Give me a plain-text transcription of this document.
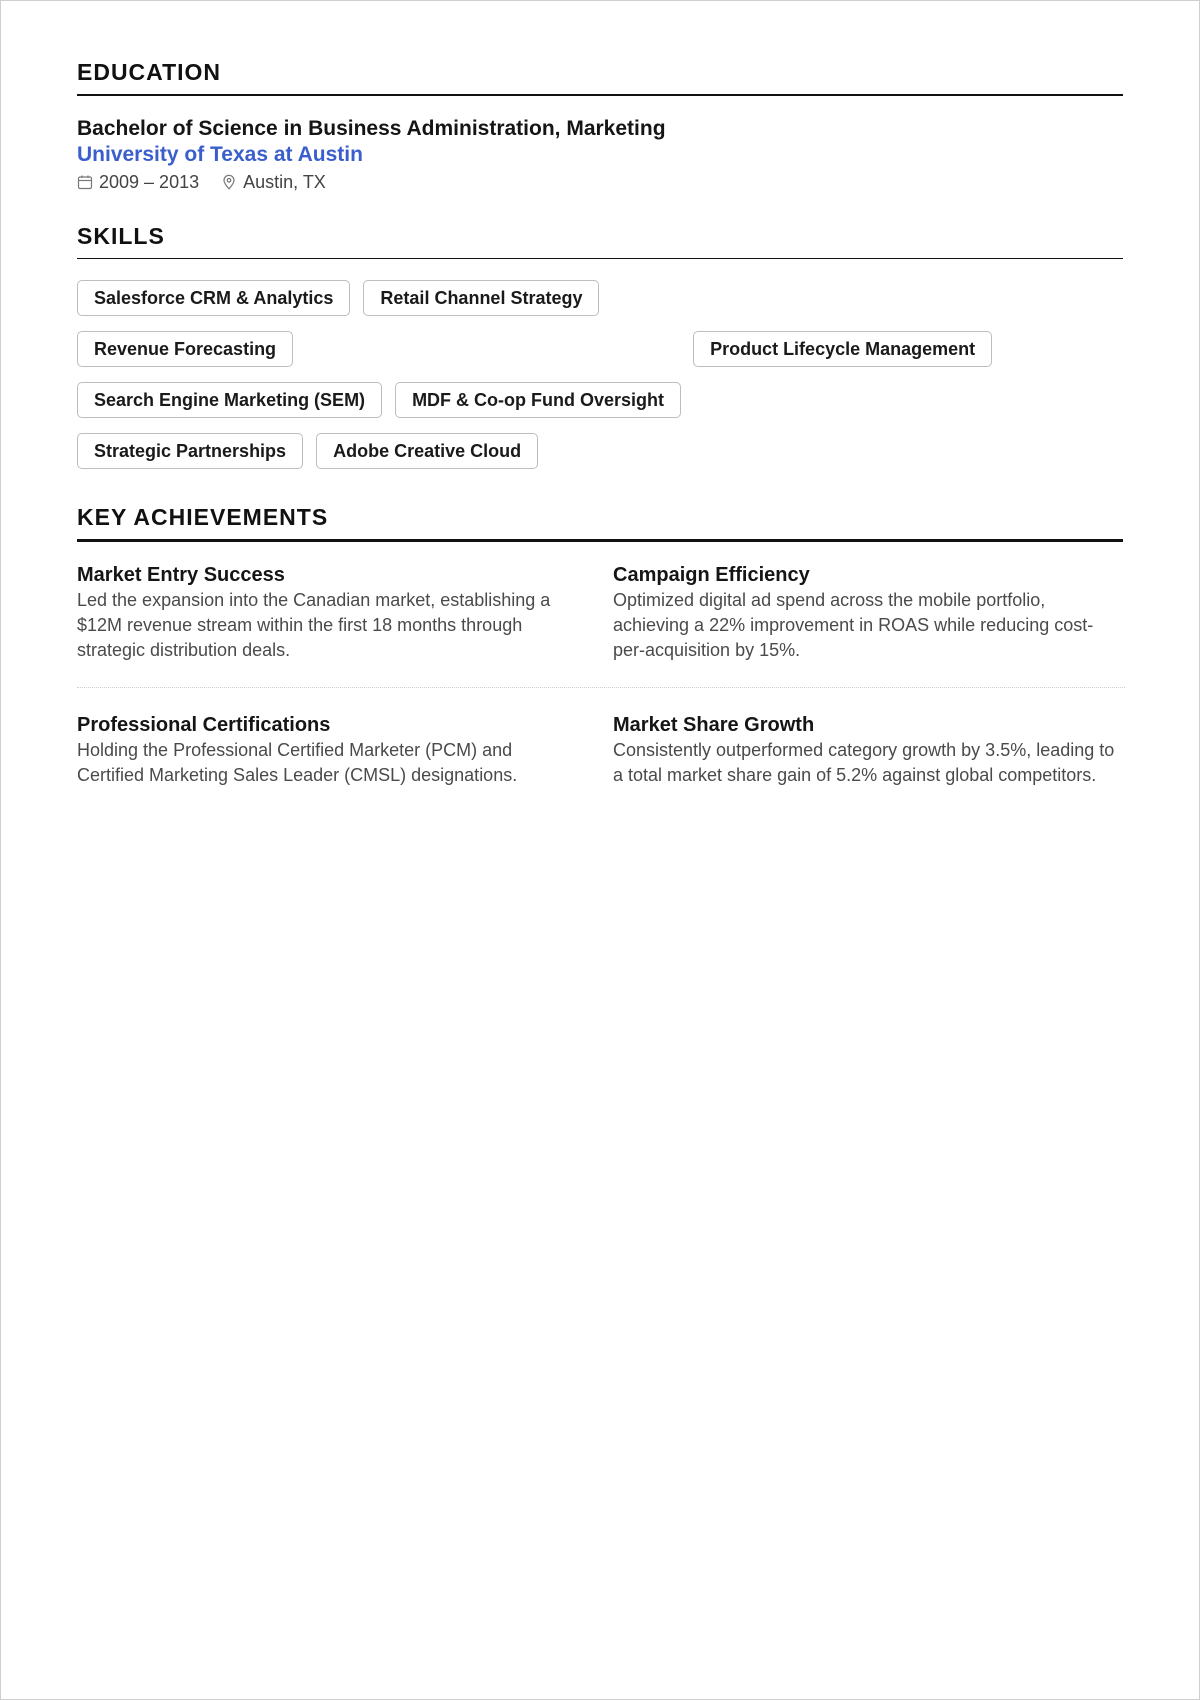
EDUCATION
Bachelor of Science in Business Administration, Marketing
University of Texas at Austin
2009 – 2013 Austin, TX
SKILLS
Salesforce CRM & Analytics	Retail Channel Strategy
Revenue Forecasting	Product Lifecycle Management
Search Engine Marketing (SEM)	MDF & Co-op Fund Oversight
Strategic Partnerships	Adobe Creative Cloud
KEY ACHIEVEMENTS
Market Entry Success
Led the expansion into the Canadian market, establishing a $12M revenue stream within the first 18 months through strategic distribution deals.
Campaign Efficiency
Optimized digital ad spend across the mobile portfolio, achieving a 22% improvement in ROAS while reducing cost-per-acquisition by 15%.
Professional Certifications
Holding the Professional Certified Marketer (PCM) and Certified Marketing Sales Leader (CMSL) designations.
Market Share Growth
Consistently outperformed category growth by 3.5%, leading to a total market share gain of 5.2% against global competitors.
